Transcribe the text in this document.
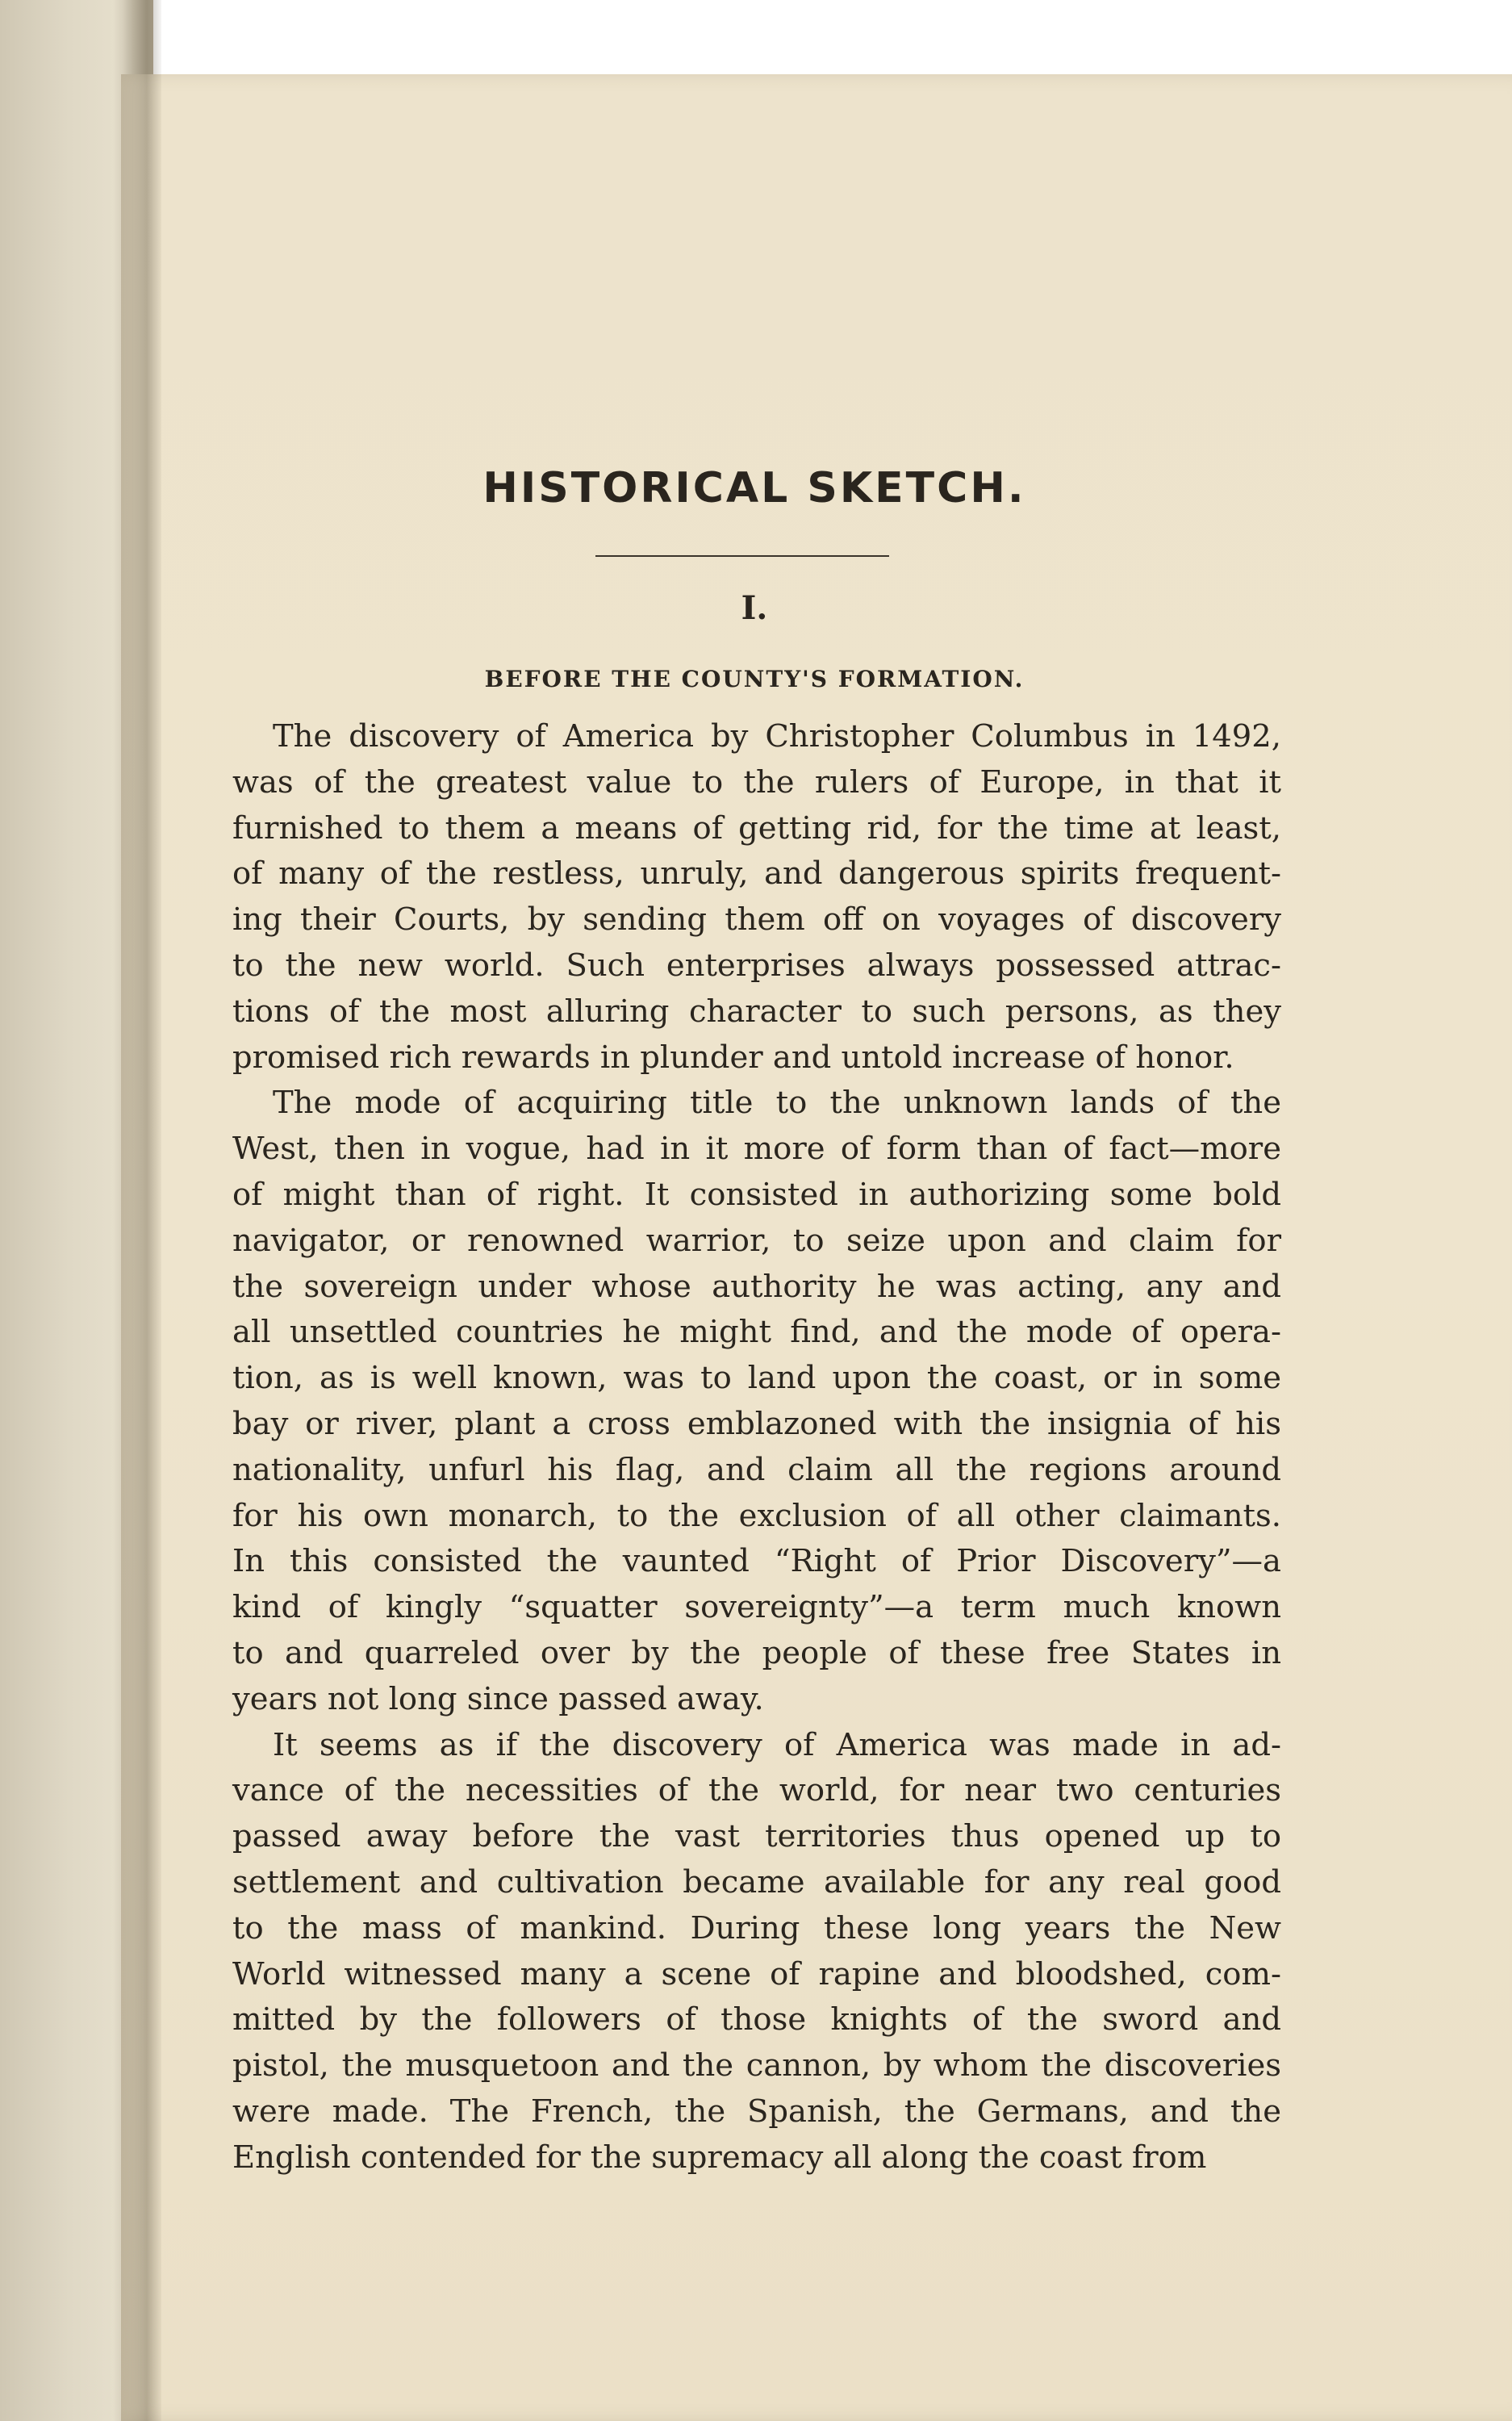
HISTORICAL SKETCH.
I.
BEFORE THE COUNTY'S FORMATION.
The discovery of America by Christopher Columbus in 1492,
was of the greatest value to the rulers of Europe, in that it
furnished to them a means of getting rid, for the time at least,
of many of the restless, unruly, and dangerous spirits frequent-
ing their Courts, by sending them off on voyages of discovery
to the new world. Such enterprises always possessed attrac-
tions of the most alluring character to such persons, as they
promised rich rewards in plunder and untold increase of honor.
The mode of acquiring title to the unknown lands of the
West, then in vogue, had in it more of form than of fact—more
of might than of right. It consisted in authorizing some bold
navigator, or renowned warrior, to seize upon and claim for
the sovereign under whose authority he was acting, any and
all unsettled countries he might find, and the mode of opera-
tion, as is well known, was to land upon the coast, or in some
bay or river, plant a cross emblazoned with the insignia of his
nationality, unfurl his flag, and claim all the regions around
for his own monarch, to the exclusion of all other claimants.
In this consisted the vaunted “Right of Prior Discovery”—a
kind of kingly “squatter sovereignty”—a term much known
to and quarreled over by the people of these free States in
years not long since passed away.
It seems as if the discovery of America was made in ad-
vance of the necessities of the world, for near two centuries
passed away before the vast territories thus opened up to
settlement and cultivation became available for any real good
to the mass of mankind. During these long years the New
World witnessed many a scene of rapine and bloodshed, com-
mitted by the followers of those knights of the sword and
pistol, the musquetoon and the cannon, by whom the discoveries
were made. The French, the Spanish, the Germans, and the
English contended for the supremacy all along the coast from
